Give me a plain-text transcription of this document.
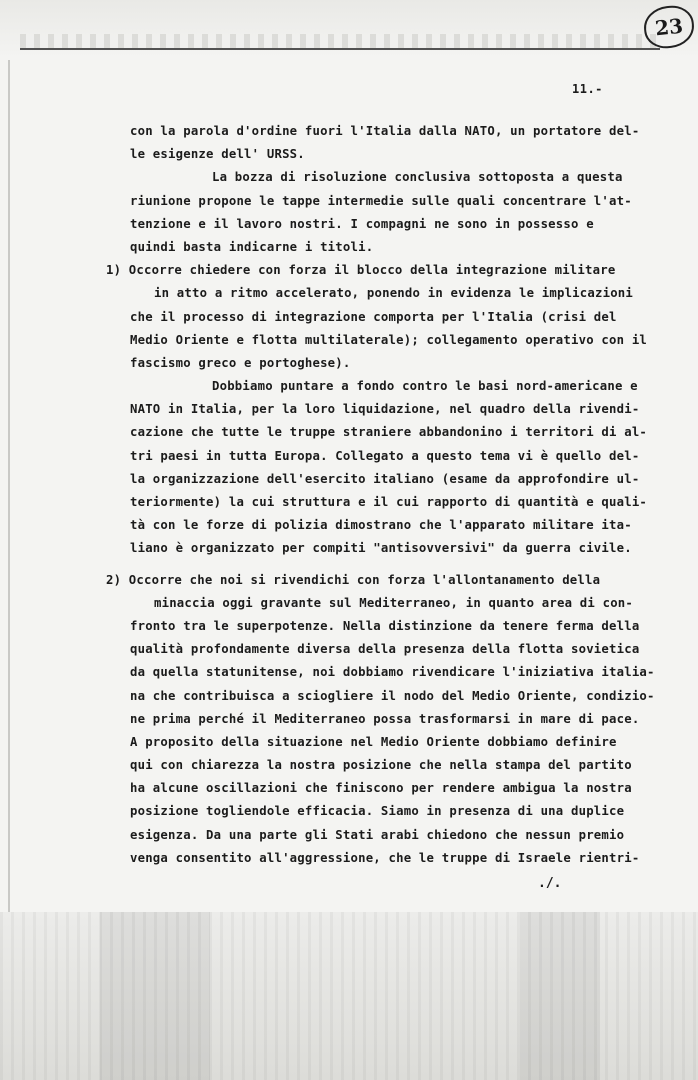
23
11.-
con la parola d'ordine fuori l'Italia dalla NATO, un portatore del-
le esigenze dell' URSS.
La bozza di risoluzione conclusiva sottoposta a questa
riunione propone le tappe intermedie sulle quali concentrare l'at-
tenzione e il lavoro nostri. I compagni ne sono in possesso e
quindi basta indicarne i titoli.
1) Occorre chiedere con forza il blocco della integrazione militare
in atto a ritmo accelerato, ponendo in evidenza le implicazioni
che il processo di integrazione comporta per l'Italia (crisi del
Medio Oriente e flotta multilaterale); collegamento operativo con il
fascismo greco e portoghese).
Dobbiamo puntare a fondo contro le basi nord-americane e
NATO in Italia, per la loro liquidazione, nel quadro della rivendi-
cazione che tutte le truppe straniere abbandonino i territori di al-
tri paesi in tutta Europa. Collegato a questo tema vi è quello del-
la organizzazione dell'esercito italiano (esame da approfondire ul-
teriormente) la cui struttura e il cui rapporto di quantità e quali-
tà con le forze di polizia dimostrano che l'apparato militare ita-
liano è organizzato per compiti "antisovversivi" da guerra civile.
2) Occorre che noi si rivendichi con forza l'allontanamento della
minaccia oggi gravante sul Mediterraneo, in quanto area di con-
fronto tra le superpotenze. Nella distinzione da tenere ferma della
qualità profondamente diversa della presenza della flotta sovietica
da quella statunitense, noi dobbiamo rivendicare l'iniziativa italia-
na che contribuisca a sciogliere il nodo del Medio Oriente, condizio-
ne prima perché il Mediterraneo possa trasformarsi in mare di pace.
A proposito della situazione nel Medio Oriente dobbiamo definire
qui con chiarezza la nostra posizione che nella stampa del partito
ha alcune oscillazioni che finiscono per rendere ambigua la nostra
posizione togliendole efficacia. Siamo in presenza di una duplice
esigenza. Da una parte gli Stati arabi chiedono che nessun premio
venga consentito all'aggressione, che le truppe di Israele rientri-
./.
